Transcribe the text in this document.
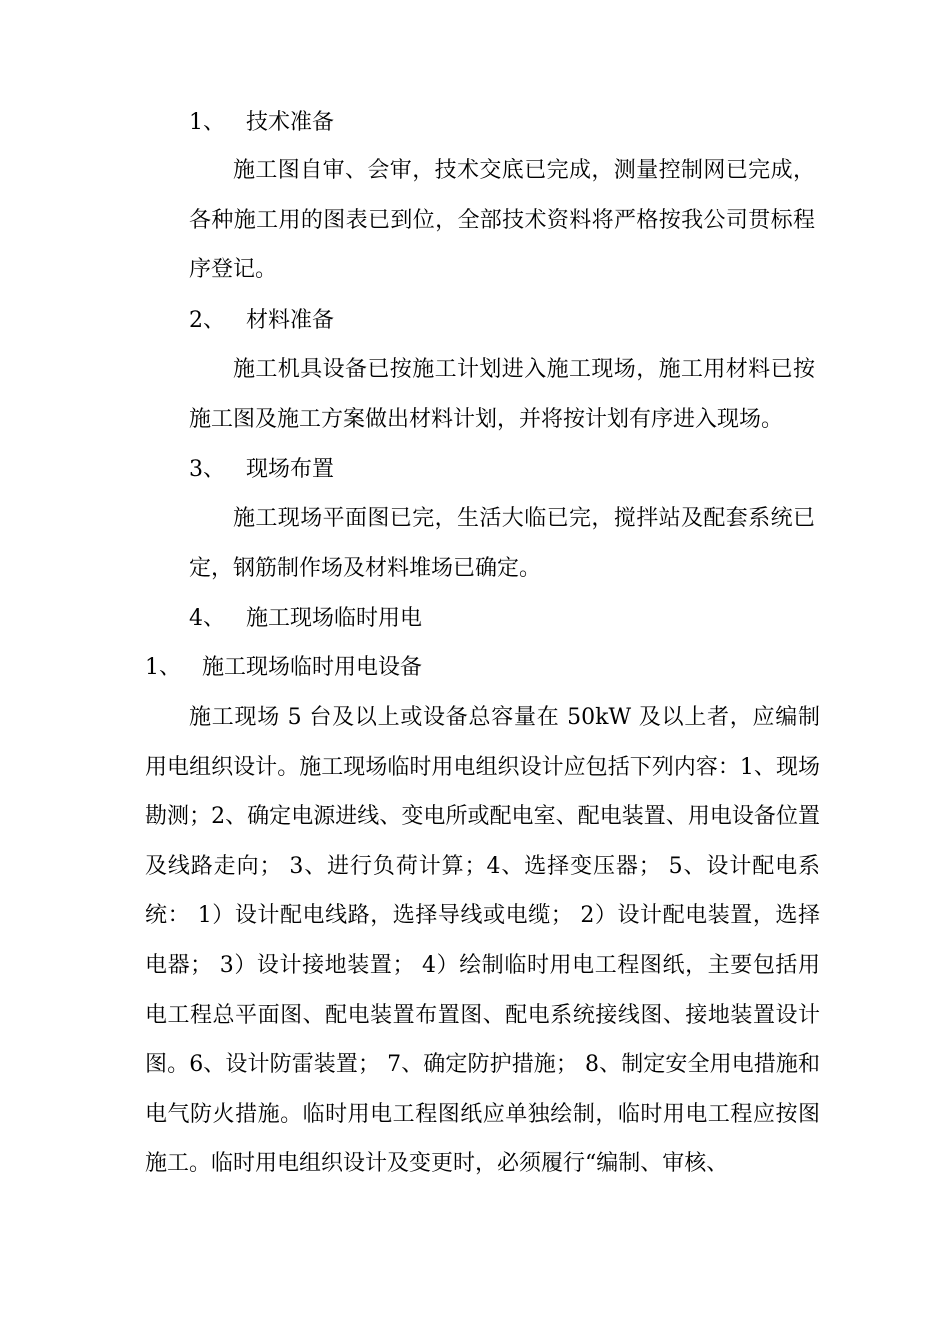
1、 技术准备

施工图自审、会审，技术交底已完成，测量控制网已完成，各种施工用的图表已到位，全部技术资料将严格按我公司贯标程序登记。

2、 材料准备

施工机具设备已按施工计划进入施工现场，施工用材料已按施工图及施工方案做出材料计划，并将按计划有序进入现场。

3、 现场布置

施工现场平面图已完，生活大临已完，搅拌站及配套系统已定，钢筋制作场及材料堆场已确定。

4、 施工现场临时用电
1、 施工现场临时用电设备

施工现场 5 台及以上或设备总容量在 50kW 及以上者，应编制用电组织设计。施工现场临时用电组织设计应包括下列内容：1、现场勘测；2、确定电源进线、变电所或配电室、配电装置、用电设备位置及线路走向； 3、进行负荷计算；4、选择变压器； 5、设计配电系统： 1）设计配电线路，选择导线或电缆； 2）设计配电装置，选择电器； 3）设计接地装置； 4）绘制临时用电工程图纸，主要包括用电工程总平面图、配电装置布置图、配电系统接线图、接地装置设计图。6、设计防雷装置； 7、确定防护措施； 8、制定安全用电措施和电气防火措施。临时用电工程图纸应单独绘制，临时用电工程应按图施工。临时用电组织设计及变更时，必须履行“编制、审核、
